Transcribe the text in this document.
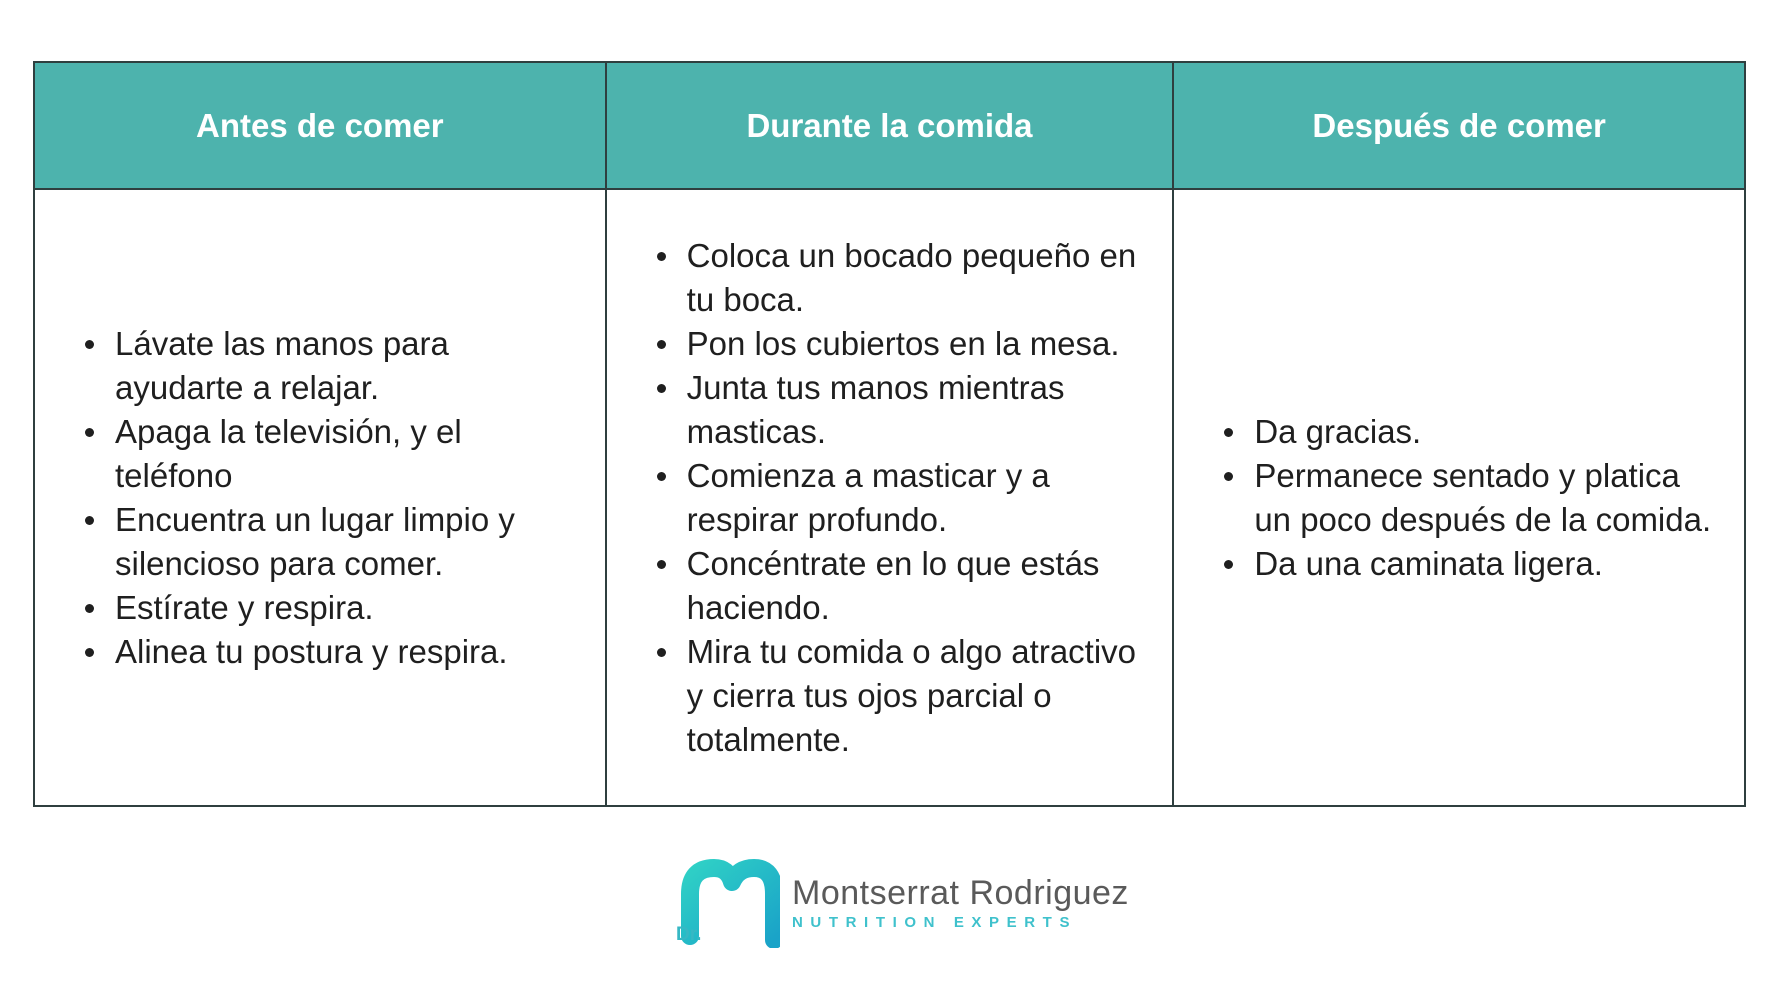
Antes de comer	Durante la comida	Después de comer
Lávate las manos para ayudarte a relajar.
Apaga la televisión, y el teléfono
Encuentra un lugar limpio y silencioso para comer.
Estírate y respira.
Alinea tu postura y respira.
Coloca un bocado pequeño en tu boca.
Pon los cubiertos en la mesa.
Junta tus manos mientras masticas.
Comienza a masticar y a respirar profundo.
Concéntrate en lo que estás haciendo.
Mira tu comida o algo atractivo y cierra tus ojos parcial o totalmente.
Da gracias.
Permanece sentado y platica un poco después de la comida.
Da una caminata ligera.
Dr.
Montserrat Rodriguez
NUTRITION EXPERTS
